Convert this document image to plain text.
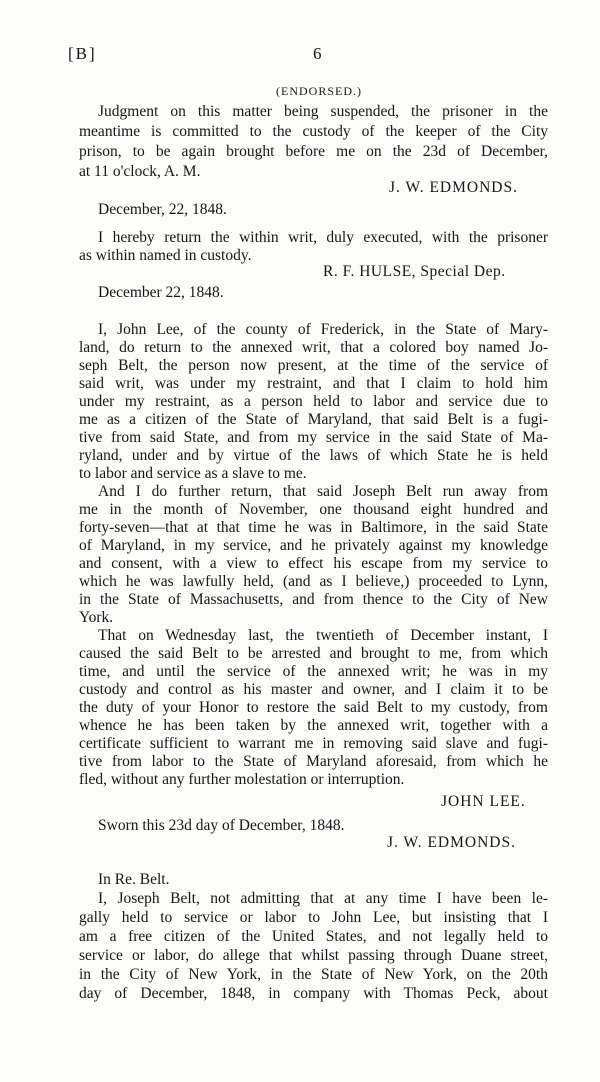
[B]	6
(ENDORSED.)
Judgment on this matter being suspended, the prisoner in the
meantime is committed to the custody of the keeper of the City
prison, to be again brought before me on the 23d of December,
at 11 o'clock, A. M.
J. W. EDMONDS.
December, 22, 1848.
I hereby return the within writ, duly executed, with the prisoner
as within named in custody.
R. F. HULSE, Special Dep.
December 22, 1848.
I, John Lee, of the county of Frederick, in the State of Mary-
land, do return to the annexed writ, that a colored boy named Jo-
seph Belt, the person now present, at the time of the service of
said writ, was under my restraint, and that I claim to hold him
under my restraint, as a person held to labor and service due to
me as a citizen of the State of Maryland, that said Belt is a fugi-
tive from said State, and from my service in the said State of Ma-
ryland, under and by virtue of the laws of which State he is held
to labor and service as a slave to me.
And I do further return, that said Joseph Belt run away from
me in the month of November, one thousand eight hundred and
forty-seven—that at that time he was in Baltimore, in the said State
of Maryland, in my service, and he privately against my knowledge
and consent, with a view to effect his escape from my service to
which he was lawfully held, (and as I believe,) proceeded to Lynn,
in the State of Massachusetts, and from thence to the City of New
York.
That on Wednesday last, the twentieth of December instant, I
caused the said Belt to be arrested and brought to me, from which
time, and until the service of the annexed writ; he was in my
custody and control as his master and owner, and I claim it to be
the duty of your Honor to restore the said Belt to my custody, from
whence he has been taken by the annexed writ, together with a
certificate sufficient to warrant me in removing said slave and fugi-
tive from labor to the State of Maryland aforesaid, from which he
fled, without any further molestation or interruption.
JOHN LEE.
Sworn this 23d day of December, 1848.
J. W. EDMONDS.
In Re. Belt.
I, Joseph Belt, not admitting that at any time I have been le-
gally held to service or labor to John Lee, but insisting that I
am a free citizen of the United States, and not legally held to
service or labor, do allege that whilst passing through Duane street,
in the City of New York, in the State of New York, on the 20th
day of December, 1848, in company with Thomas Peck, about
